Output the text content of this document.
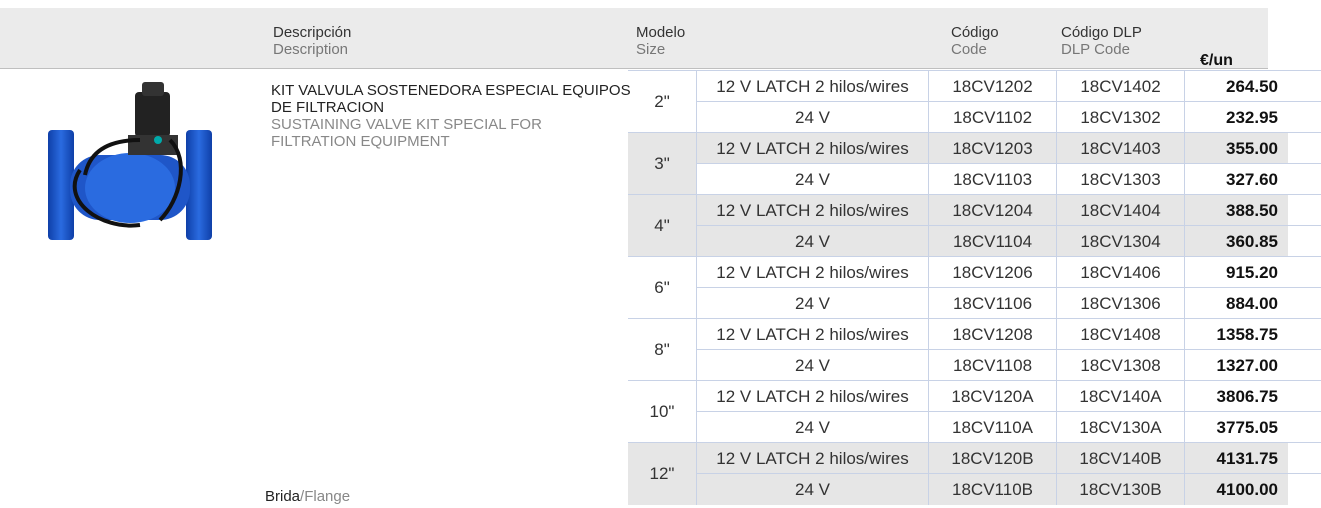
Descripción
Description
Modelo
Size
Código
Code
Código DLP
DLP Code
€/un
KIT VALVULA SOSTENEDORA ESPECIAL EQUIPOS
DE FILTRACION
SUSTAINING VALVE KIT SPECIAL FOR
FILTRATION EQUIPMENT
Brida/Flange
2"
12 V LATCH 2 hilos/wires	18CV1202	18CV1402	264.50
24 V	18CV1102	18CV1302	232.95
3"
12 V LATCH 2 hilos/wires	18CV1203	18CV1403	355.00
24 V	18CV1103	18CV1303	327.60
4"
12 V LATCH 2 hilos/wires	18CV1204	18CV1404	388.50
24 V	18CV1104	18CV1304	360.85
6"
12 V LATCH 2 hilos/wires	18CV1206	18CV1406	915.20
24 V	18CV1106	18CV1306	884.00
8"
12 V LATCH 2 hilos/wires	18CV1208	18CV1408	1358.75
24 V	18CV1108	18CV1308	1327.00
10"
12 V LATCH 2 hilos/wires	18CV120A	18CV140A	3806.75
24 V	18CV110A	18CV130A	3775.05
12"
12 V LATCH 2 hilos/wires	18CV120B	18CV140B	4131.75
24 V	18CV110B	18CV130B	4100.00
